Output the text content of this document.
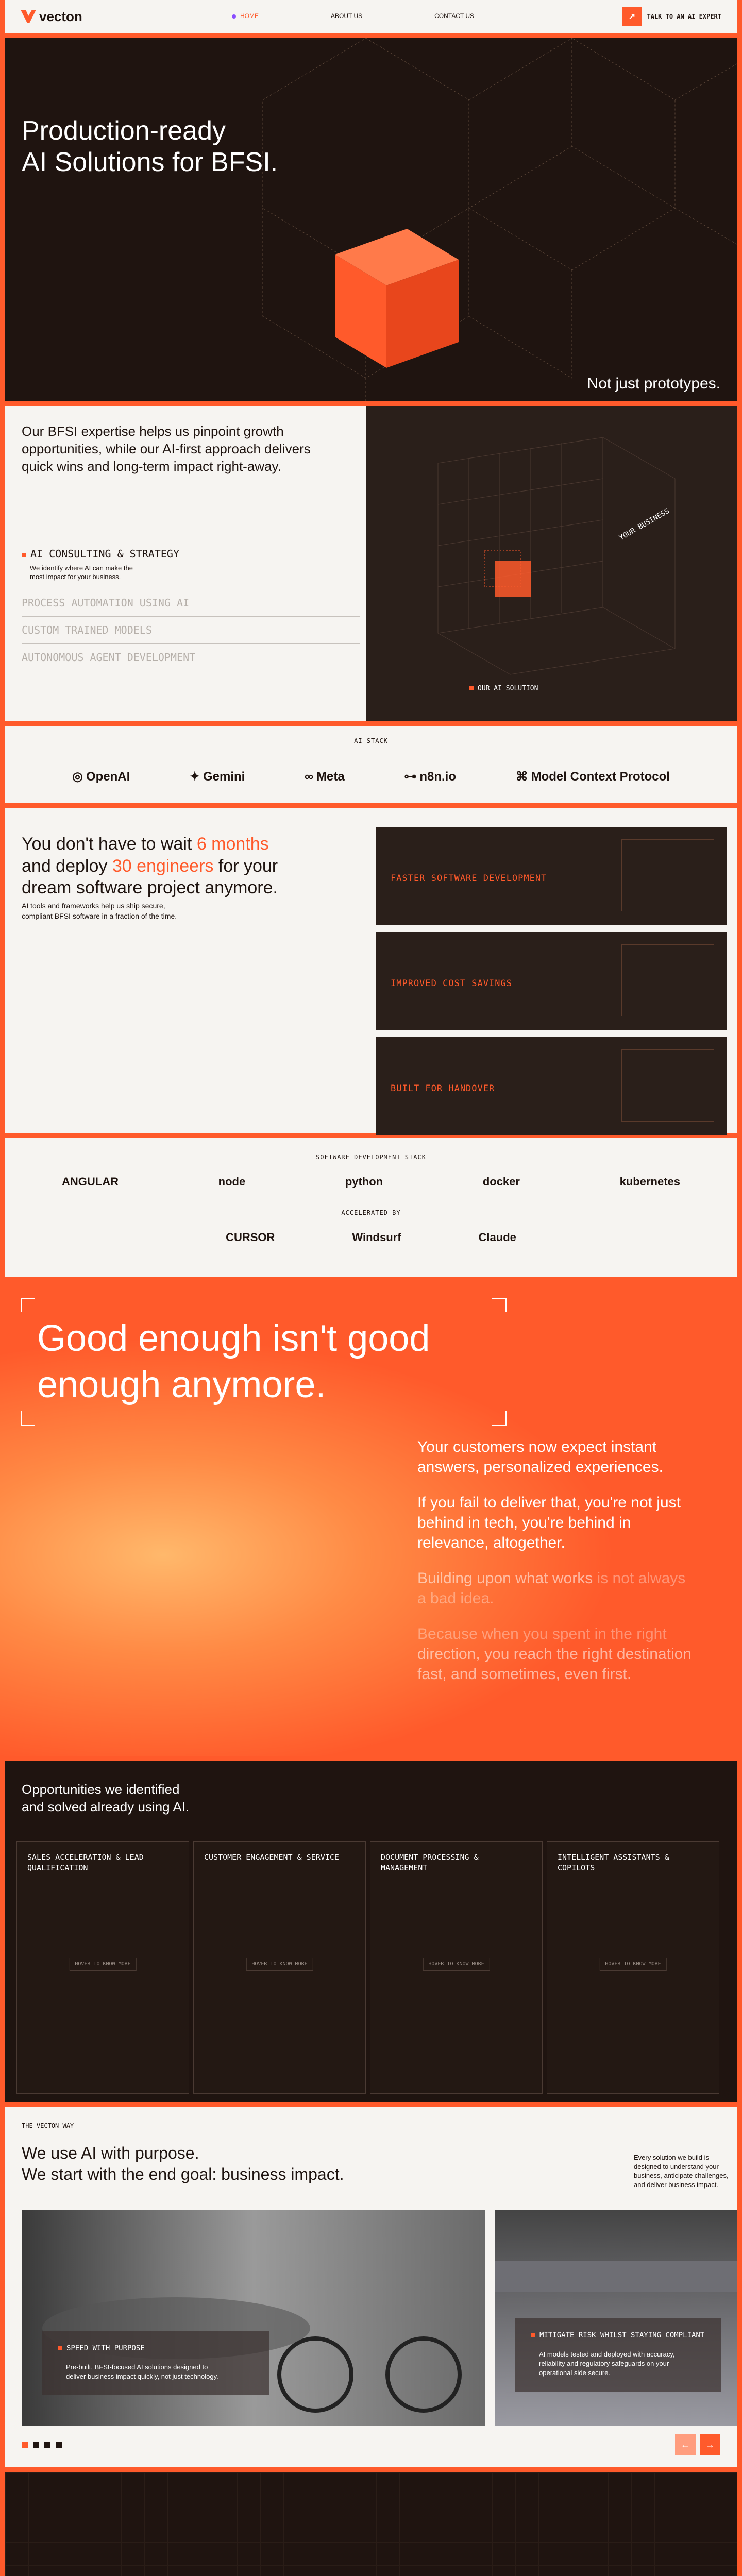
vecton	HOME	ABOUT US	CONTACT US	↗	TALK TO AN AI EXPERT
Production-ready
AI Solutions for BFSI.
Not just prototypes.

Our BFSI expertise helps us pinpoint growth opportunities, while our AI-first approach delivers quick wins and long-term impact right-away.

AI CONSULTING & STRATEGY
We identify where AI can make the most impact for your business.
PROCESS AUTOMATION USING AI
CUSTOM TRAINED MODELS
AUTONOMOUS AGENT DEVELOPMENT
YOUR BUSINESS
OUR AI SOLUTION
AI STACK
◎ OpenAI	✦ Gemini	∞ Meta	⊶ n8n.io	⌘ Model Context Protocol
You don't have to wait 6 months and deploy 30 engineers for your dream software project anymore.

AI tools and frameworks help us ship secure, compliant BFSI software in a fraction of the time.

FASTER SOFTWARE DEVELOPMENT
IMPROVED COST SAVINGS
BUILT FOR HANDOVER
SOFTWARE DEVELOPMENT STACK
ANGULAR	node	python	docker	kubernetes
ACCELERATED BY
CURSOR	Windsurf	Claude
Good enough isn't good enough anymore.

Your customers now expect instant answers, personalized experiences.

If you fail to deliver that, you're not just behind in tech, you're behind in relevance, altogether.

Building upon what works is not always a bad idea.

Because when you spent in the right direction, you reach the right destination fast, and sometimes, even first.

Opportunities we identified
and solved already using AI.
SALES ACCELERATION & LEAD QUALIFICATION
HOVER TO KNOW MORE
CUSTOMER ENGAGEMENT & SERVICE
HOVER TO KNOW MORE
DOCUMENT PROCESSING & MANAGEMENT
HOVER TO KNOW MORE
INTELLIGENT ASSISTANTS & COPILOTS
HOVER TO KNOW MORE
THE VECTON WAY
We use AI with purpose.
We start with the end goal: business impact.
Every solution we build is designed to understand your business, anticipate challenges, and deliver business impact.
SPEED WITH PURPOSE
Pre-built, BFSI-focused AI solutions designed to deliver business impact quickly, not just technology.
MITIGATE RISK WHILST STAYING COMPLIANT
AI models tested and deployed with accuracy, reliability and regulatory safeguards on your operational side secure.
←	→
